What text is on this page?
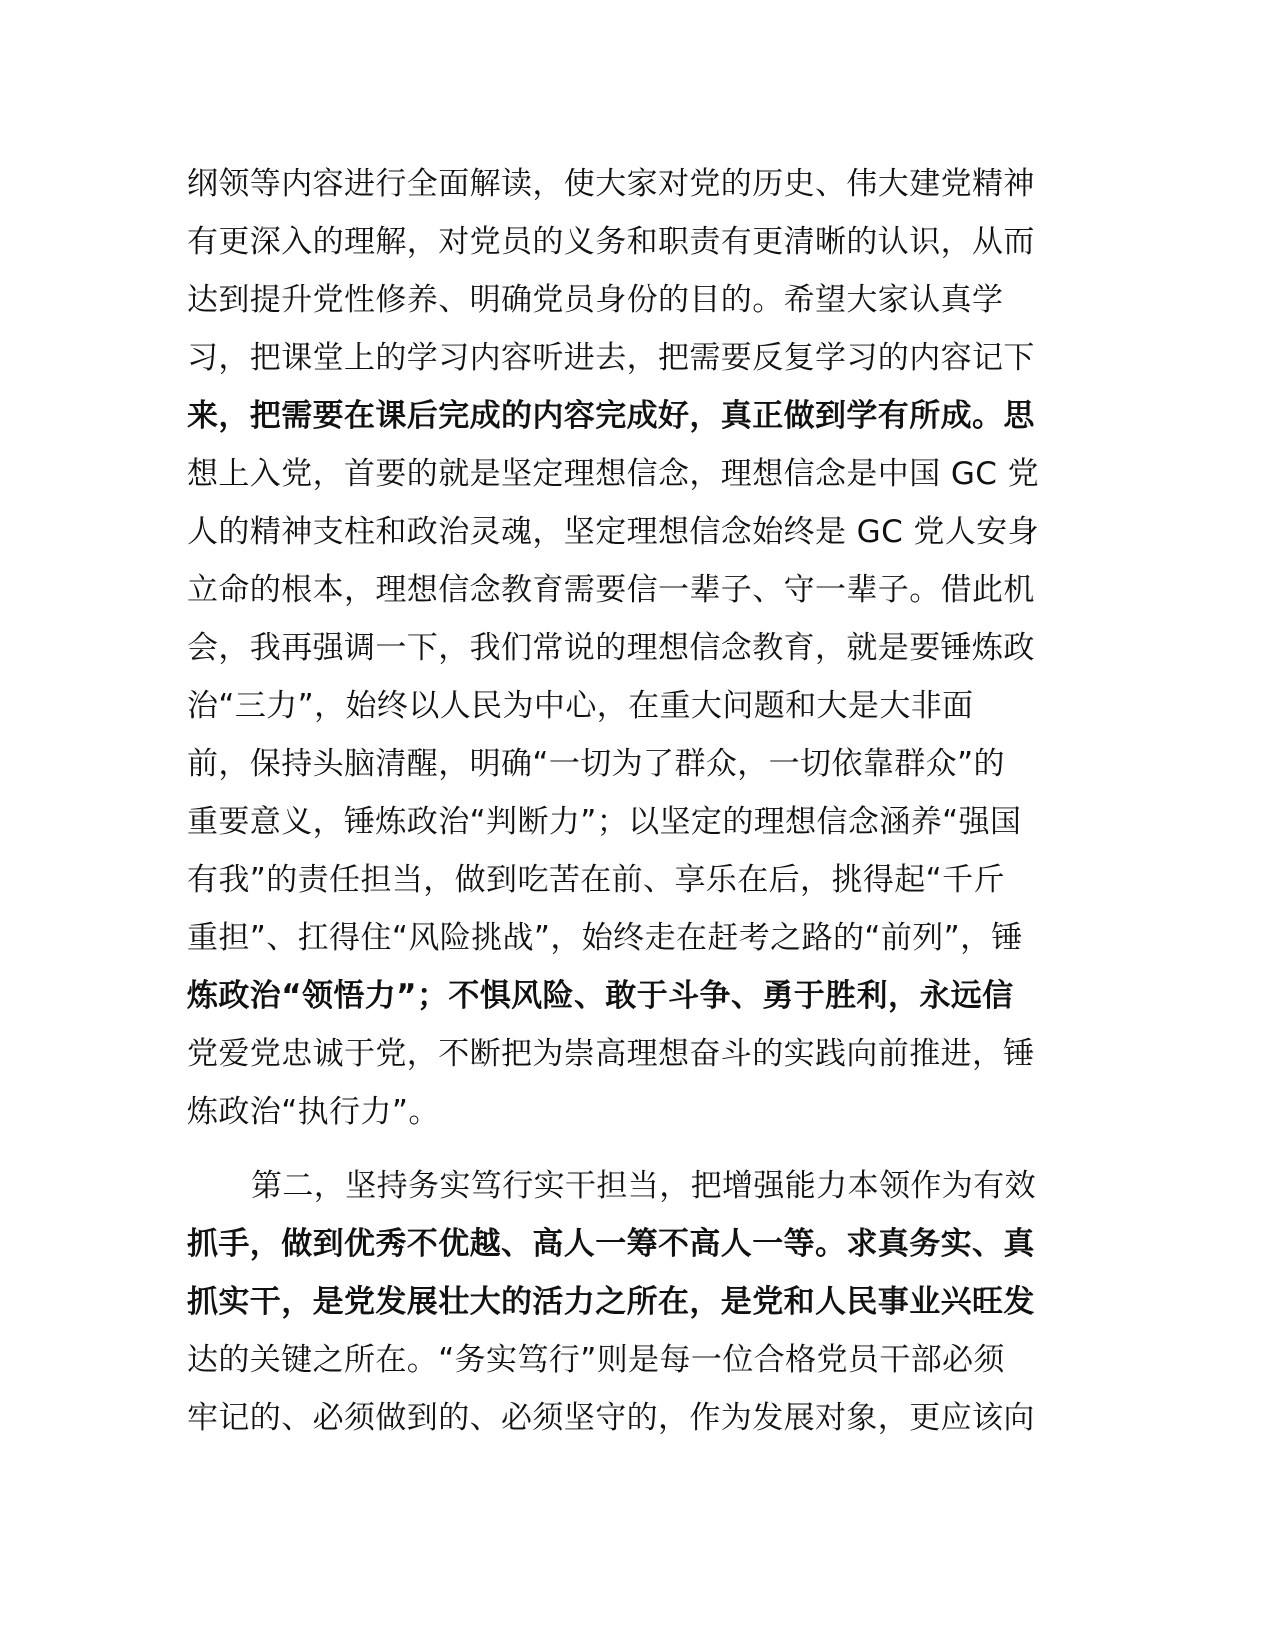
纲领等内容进行全面解读，使大家对党的历史、伟大建党精神
有更深入的理解，对党员的义务和职责有更清晰的认识，从而
达到提升党性修养、明确党员身份的目的。希望大家认真学
习，把课堂上的学习内容听进去，把需要反复学习的内容记下
来，把需要在课后完成的内容完成好，真正做到学有所成。思
想上入党，首要的就是坚定理想信念，理想信念是中国 GC 党
人的精神支柱和政治灵魂，坚定理想信念始终是 GC 党人安身
立命的根本，理想信念教育需要信一辈子、守一辈子。借此机
会，我再强调一下，我们常说的理想信念教育，就是要锤炼政
治“三力”，始终以人民为中心，在重大问题和大是大非面
前，保持头脑清醒，明确“一切为了群众，一切依靠群众”的
重要意义，锤炼政治“判断力”；以坚定的理想信念涵养“强国
有我”的责任担当，做到吃苦在前、享乐在后，挑得起“千斤
重担”、扛得住“风险挑战”，始终走在赶考之路的“前列”，锤
炼政治“领悟力”；不惧风险、敢于斗争、勇于胜利，永远信
党爱党忠诚于党，不断把为崇高理想奋斗的实践向前推进，锤
炼政治“执行力”。
第二，坚持务实笃行实干担当，把增强能力本领作为有效
抓手，做到优秀不优越、高人一筹不高人一等。求真务实、真
抓实干，是党发展壮大的活力之所在，是党和人民事业兴旺发
达的关键之所在。“务实笃行”则是每一位合格党员干部必须
牢记的、必须做到的、必须坚守的，作为发展对象，更应该向
